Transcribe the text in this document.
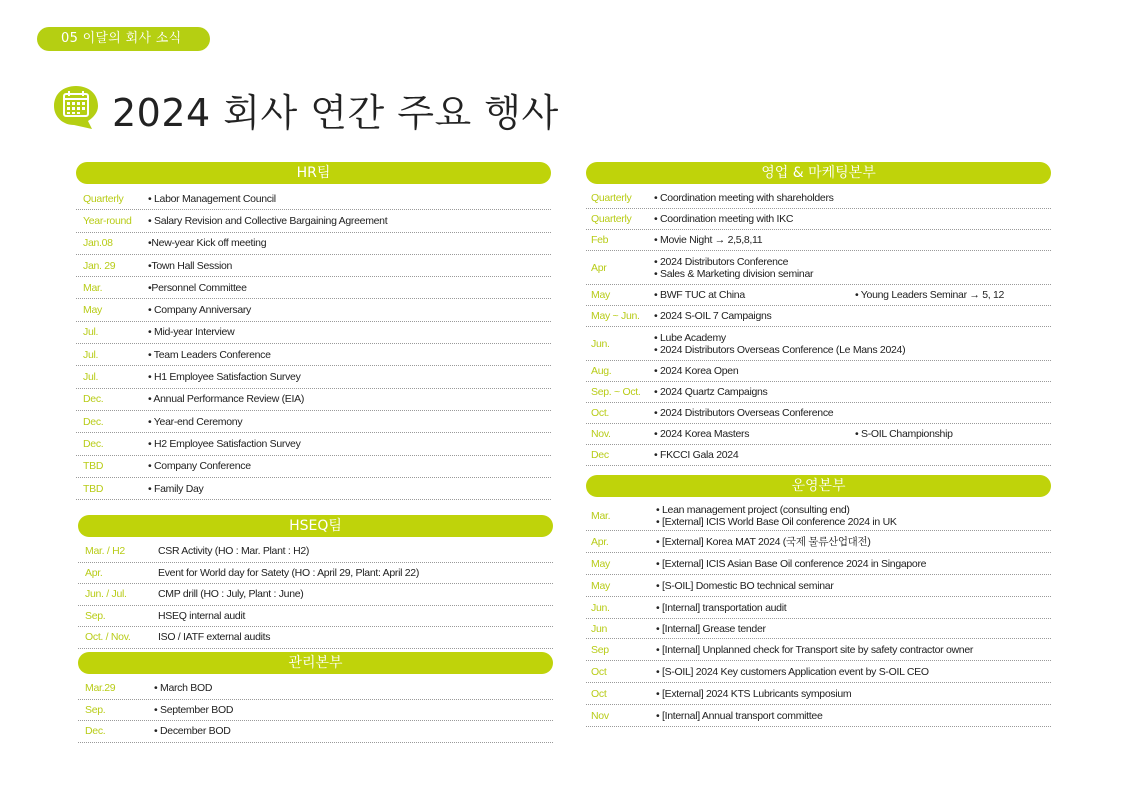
05 이달의 회사 소식
2024 회사 연간 주요 행사
HR팀
Quarterly	• Labor Management Council
Year-round	• Salary Revision and Collective Bargaining Agreement
Jan.08	•New-year Kick off meeting
Jan. 29	•Town Hall Session
Mar.	•Personnel Committee
May	• Company Anniversary
Jul.	• Mid-year Interview
Jul.	• Team Leaders Conference
Jul.	• H1 Employee Satisfaction Survey
Dec.	• Annual Performance Review (EIA)
Dec.	• Year-end Ceremony
Dec.	• H2 Employee Satisfaction Survey
TBD	• Company Conference
TBD	• Family Day
HSEQ팀
Mar. / H2	CSR Activity (HO : Mar. Plant : H2)
Apr.	Event for World day for Satety (HO : April 29, Plant: April 22)
Jun. / Jul.	CMP drill (HO : July, Plant : June)
Sep.	HSEQ internal audit
Oct. / Nov.	ISO / IATF external audits
관리본부
Mar.29	• March BOD
Sep.	• September BOD
Dec.	• December BOD
영업 & 마케팅본부
Quarterly	• Coordination meeting with shareholders
Quarterly	• Coordination meeting with IKC
Feb	• Movie Night → 2,5,8,11
Apr	• 2024 Distributors Conference
• Sales & Marketing division seminar
May	• BWF TUC at China	• Young Leaders Seminar → 5, 12
May ~ Jun.	• 2024 S-OIL 7 Campaigns
Jun.	• Lube Academy
• 2024 Distributors Overseas Conference (Le Mans 2024)
Aug.	• 2024 Korea Open
Sep. ~ Oct.	• 2024 Quartz Campaigns
Oct.	• 2024 Distributors Overseas Conference
Nov.	• 2024 Korea Masters	• S-OIL Championship
Dec	• FKCCI Gala 2024
운영본부
Mar.	• Lean management project (consulting end)
• [External] ICIS World Base Oil conference 2024 in UK
Apr.	• [External] Korea MAT 2024 (국제 물류산업대전)
May	• [External] ICIS Asian Base Oil conference 2024 in Singapore
May	• [S-OIL] Domestic BO technical seminar
Jun.	• [Internal] transportation audit
Jun	• [Internal] Grease tender
Sep	• [Internal] Unplanned check for Transport site by safety contractor owner
Oct	• [S-OIL] 2024 Key customers Application event by S-OIL CEO
Oct	• [External] 2024 KTS Lubricants symposium
Nov	• [Internal] Annual transport committee
